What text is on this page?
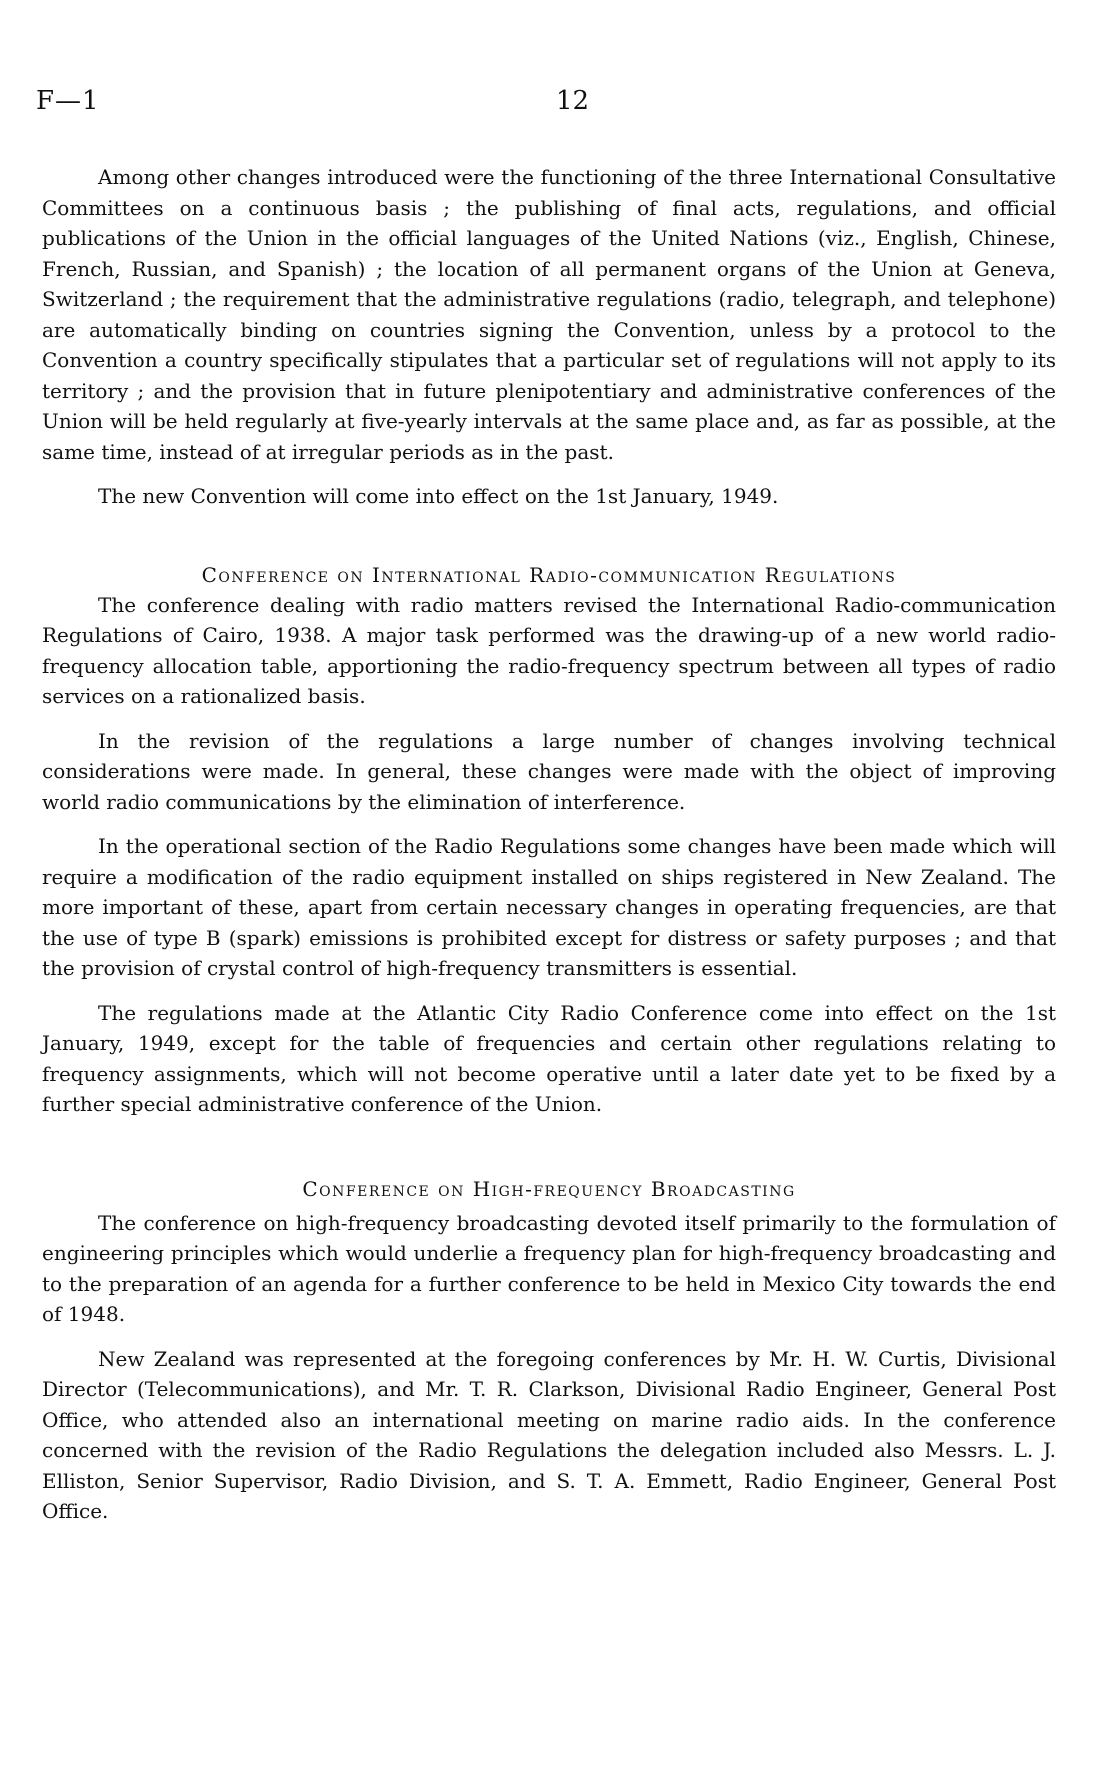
F—1	12

Among other changes introduced were the functioning of the three International Consultative Committees on a continuous basis ; the publishing of final acts, regulations, and official publications of the Union in the official languages of the United Nations (viz., English, Chinese, French, Russian, and Spanish) ; the location of all permanent organs of the Union at Geneva, Switzerland ; the requirement that the administrative regulations (radio, telegraph, and telephone) are automatically binding on countries signing the Convention, unless by a protocol to the Convention a country specifically stipulates that a particular set of regulations will not apply to its territory ; and the provision that in future plenipotentiary and administrative conferences of the Union will be held regularly at five-yearly intervals at the same place and, as far as possible, at the same time, instead of at irregular periods as in the past.

The new Convention will come into effect on the 1st January, 1949.

Conference on International Radio-communication Regulations

The conference dealing with radio matters revised the International Radio-communication Regulations of Cairo, 1938. A major task performed was the drawing-up of a new world radio-frequency allocation table, apportioning the radio-frequency spectrum between all types of radio services on a rationalized basis.

In the revision of the regulations a large number of changes involving technical considerations were made. In general, these changes were made with the object of improving world radio communications by the elimination of interference.

In the operational section of the Radio Regulations some changes have been made which will require a modification of the radio equipment installed on ships registered in New Zealand. The more important of these, apart from certain necessary changes in operating frequencies, are that the use of type B (spark) emissions is prohibited except for distress or safety purposes ; and that the provision of crystal control of high-frequency transmitters is essential.

The regulations made at the Atlantic City Radio Conference come into effect on the 1st January, 1949, except for the table of frequencies and certain other regulations relating to frequency assignments, which will not become operative until a later date yet to be fixed by a further special administrative conference of the Union.

Conference on High-frequency Broadcasting

The conference on high-frequency broadcasting devoted itself primarily to the formulation of engineering principles which would underlie a frequency plan for high-frequency broadcasting and to the preparation of an agenda for a further conference to be held in Mexico City towards the end of 1948.

New Zealand was represented at the foregoing conferences by Mr. H. W. Curtis, Divisional Director (Telecommunications), and Mr. T. R. Clarkson, Divisional Radio Engineer, General Post Office, who attended also an international meeting on marine radio aids. In the conference concerned with the revision of the Radio Regulations the delegation included also Messrs. L. J. Elliston, Senior Supervisor, Radio Division, and S. T. A. Emmett, Radio Engineer, General Post Office.
